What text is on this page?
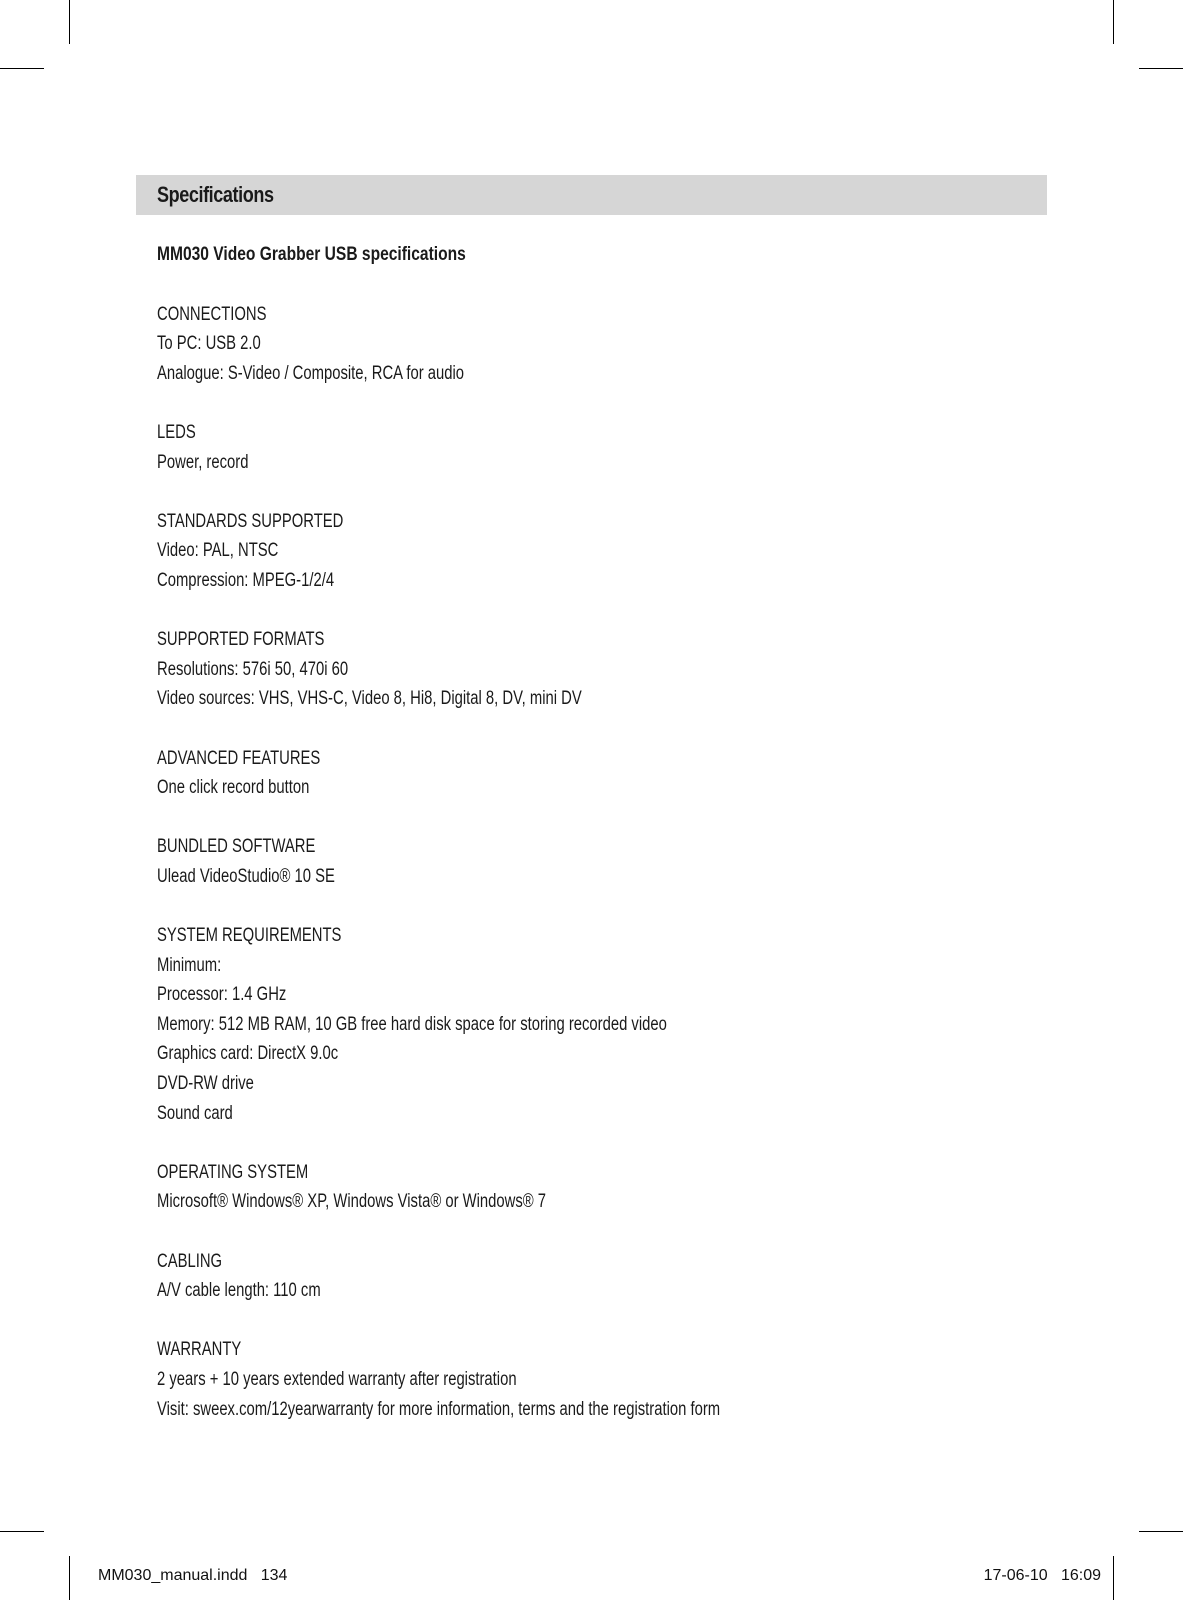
Specifications
MM030 Video Grabber USB specifications
CONNECTIONS
To PC: USB 2.0
Analogue: S-Video / Composite, RCA for audio
LEDS
Power, record
STANDARDS SUPPORTED
Video: PAL, NTSC
Compression: MPEG-1/2/4
SUPPORTED FORMATS
Resolutions: 576i 50, 470i 60
Video sources: VHS, VHS-C, Video 8, Hi8, Digital 8, DV, mini DV
ADVANCED FEATURES
One click record button
BUNDLED SOFTWARE
Ulead VideoStudio® 10 SE
SYSTEM REQUIREMENTS
Minimum:
Processor: 1.4 GHz
Memory: 512 MB RAM, 10 GB free hard disk space for storing recorded video
Graphics card: DirectX 9.0c
DVD-RW drive
Sound card
OPERATING SYSTEM
Microsoft® Windows® XP, Windows Vista® or Windows® 7
CABLING
A/V cable length: 110 cm
WARRANTY
2 years + 10 years extended warranty after registration
Visit: sweex.com/12yearwarranty for more information, terms and the registration form
MM030_manual.indd   134	17-06-10   16:09
